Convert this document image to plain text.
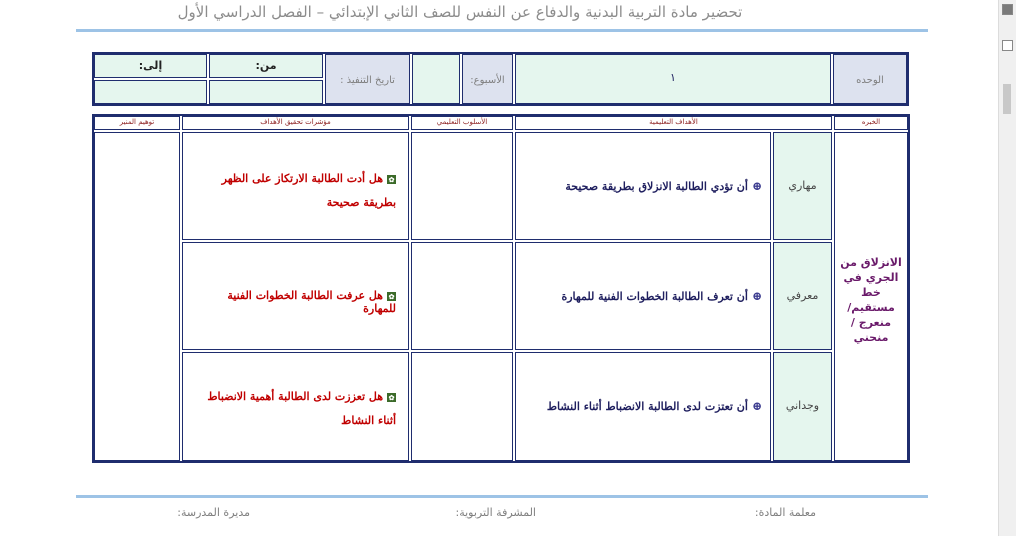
تحضير مادة التربية البدنية والدفاع عن النفس للصف الثاني الإبتدائي – الفصل الدراسي الأول
الوحده
١
الأسبوع:
تاريخ التنفيذ :
من:
إلى:
الخبره
الأهداف التعليمية
الأسلوب التعليمي
مؤشرات تحقيق الأهداف
توهيم المنير
الانزلاق من الجري في خط مستقيم/منعرج / منحني
مهاري
⊕أن تؤدي الطالبة الانزلاق بطريقة صحيحة
✿هل أدت الطالبة الارتكاز على الظهر بطريقة صحيحة
معرفي
⊕أن تعرف الطالبة الخطوات الفنية للمهارة
✿هل عرفت الطالبة الخطوات الفنية للمهارة
وجداني
⊕أن تعتزت لدى الطالبة الانضباط أثناء النشاط
✿هل تعززت لدى الطالبة أهمية الانضباط أثناء النشاط
معلمة المادة:
المشرفة التربوية:
مديرة المدرسة:
